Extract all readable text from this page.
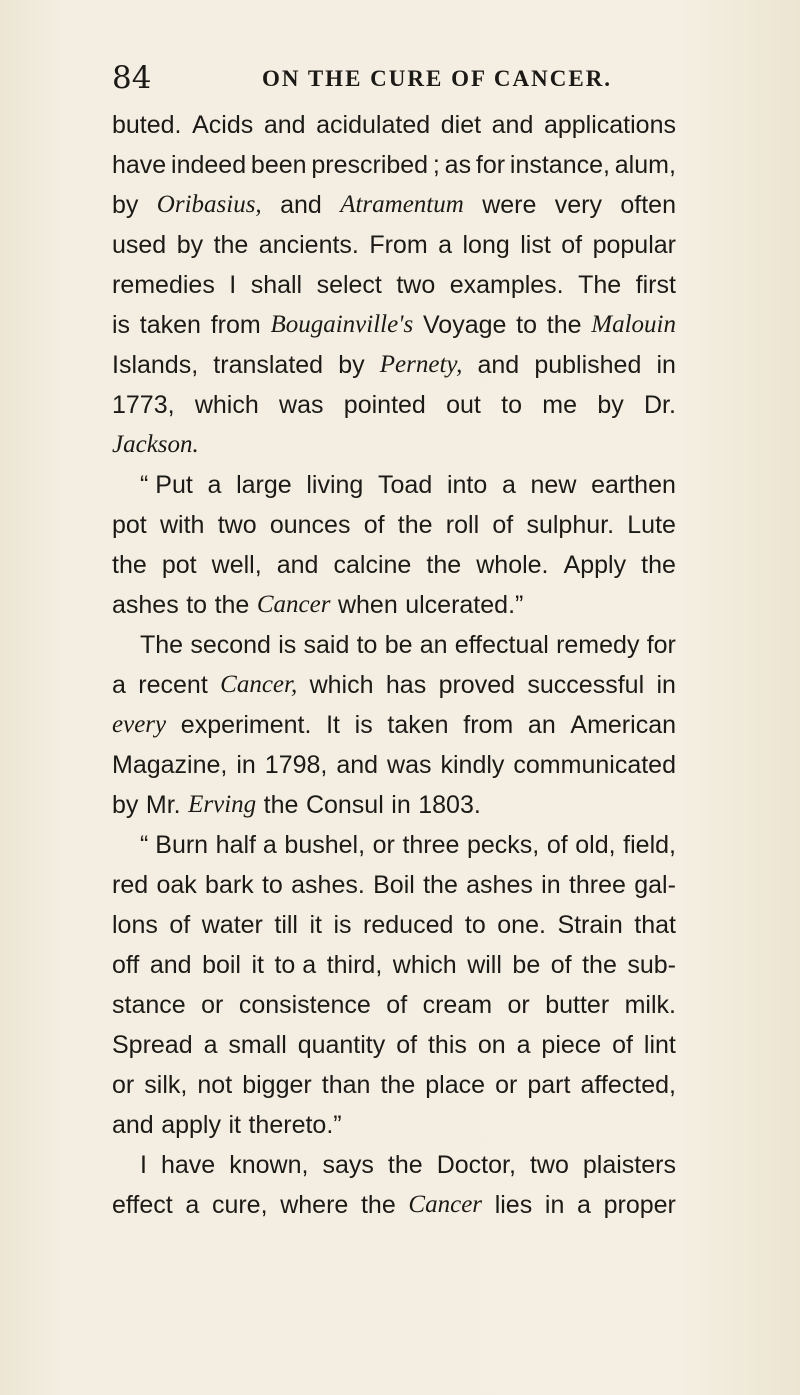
84	ON THE CURE OF CANCER.
buted. Acids and acidulated diet and applications
have indeed been prescribed ; as for instance, alum,
by Oribasius, and Atramentum were very often
used by the ancients. From a long list of popular
remedies I shall select two examples. The first
is taken from Bougainville's Voyage to the Malouin
Islands, translated by Pernety, and published in
1773, which was pointed out to me by Dr.
Jackson.
“ Put a large living Toad into a new earthen
pot with two ounces of the roll of sulphur. Lute
the pot well, and calcine the whole. Apply the
ashes to the Cancer when ulcerated.”
The second is said to be an effectual remedy for
a recent Cancer, which has proved successful in
every experiment. It is taken from an American
Magazine, in 1798, and was kindly communicated
by Mr. Erving the Consul in 1803.
“ Burn half a bushel, or three pecks, of old, field,
red oak bark to ashes. Boil the ashes in three gal-
lons of water till it is reduced to one. Strain that
off and boil it to a third, which will be of the sub-
stance or consistence of cream or butter milk.
Spread a small quantity of this on a piece of lint
or silk, not bigger than the place or part affected,
and apply it thereto.”
I have known, says the Doctor, two plaisters
effect a cure, where the Cancer lies in a proper
